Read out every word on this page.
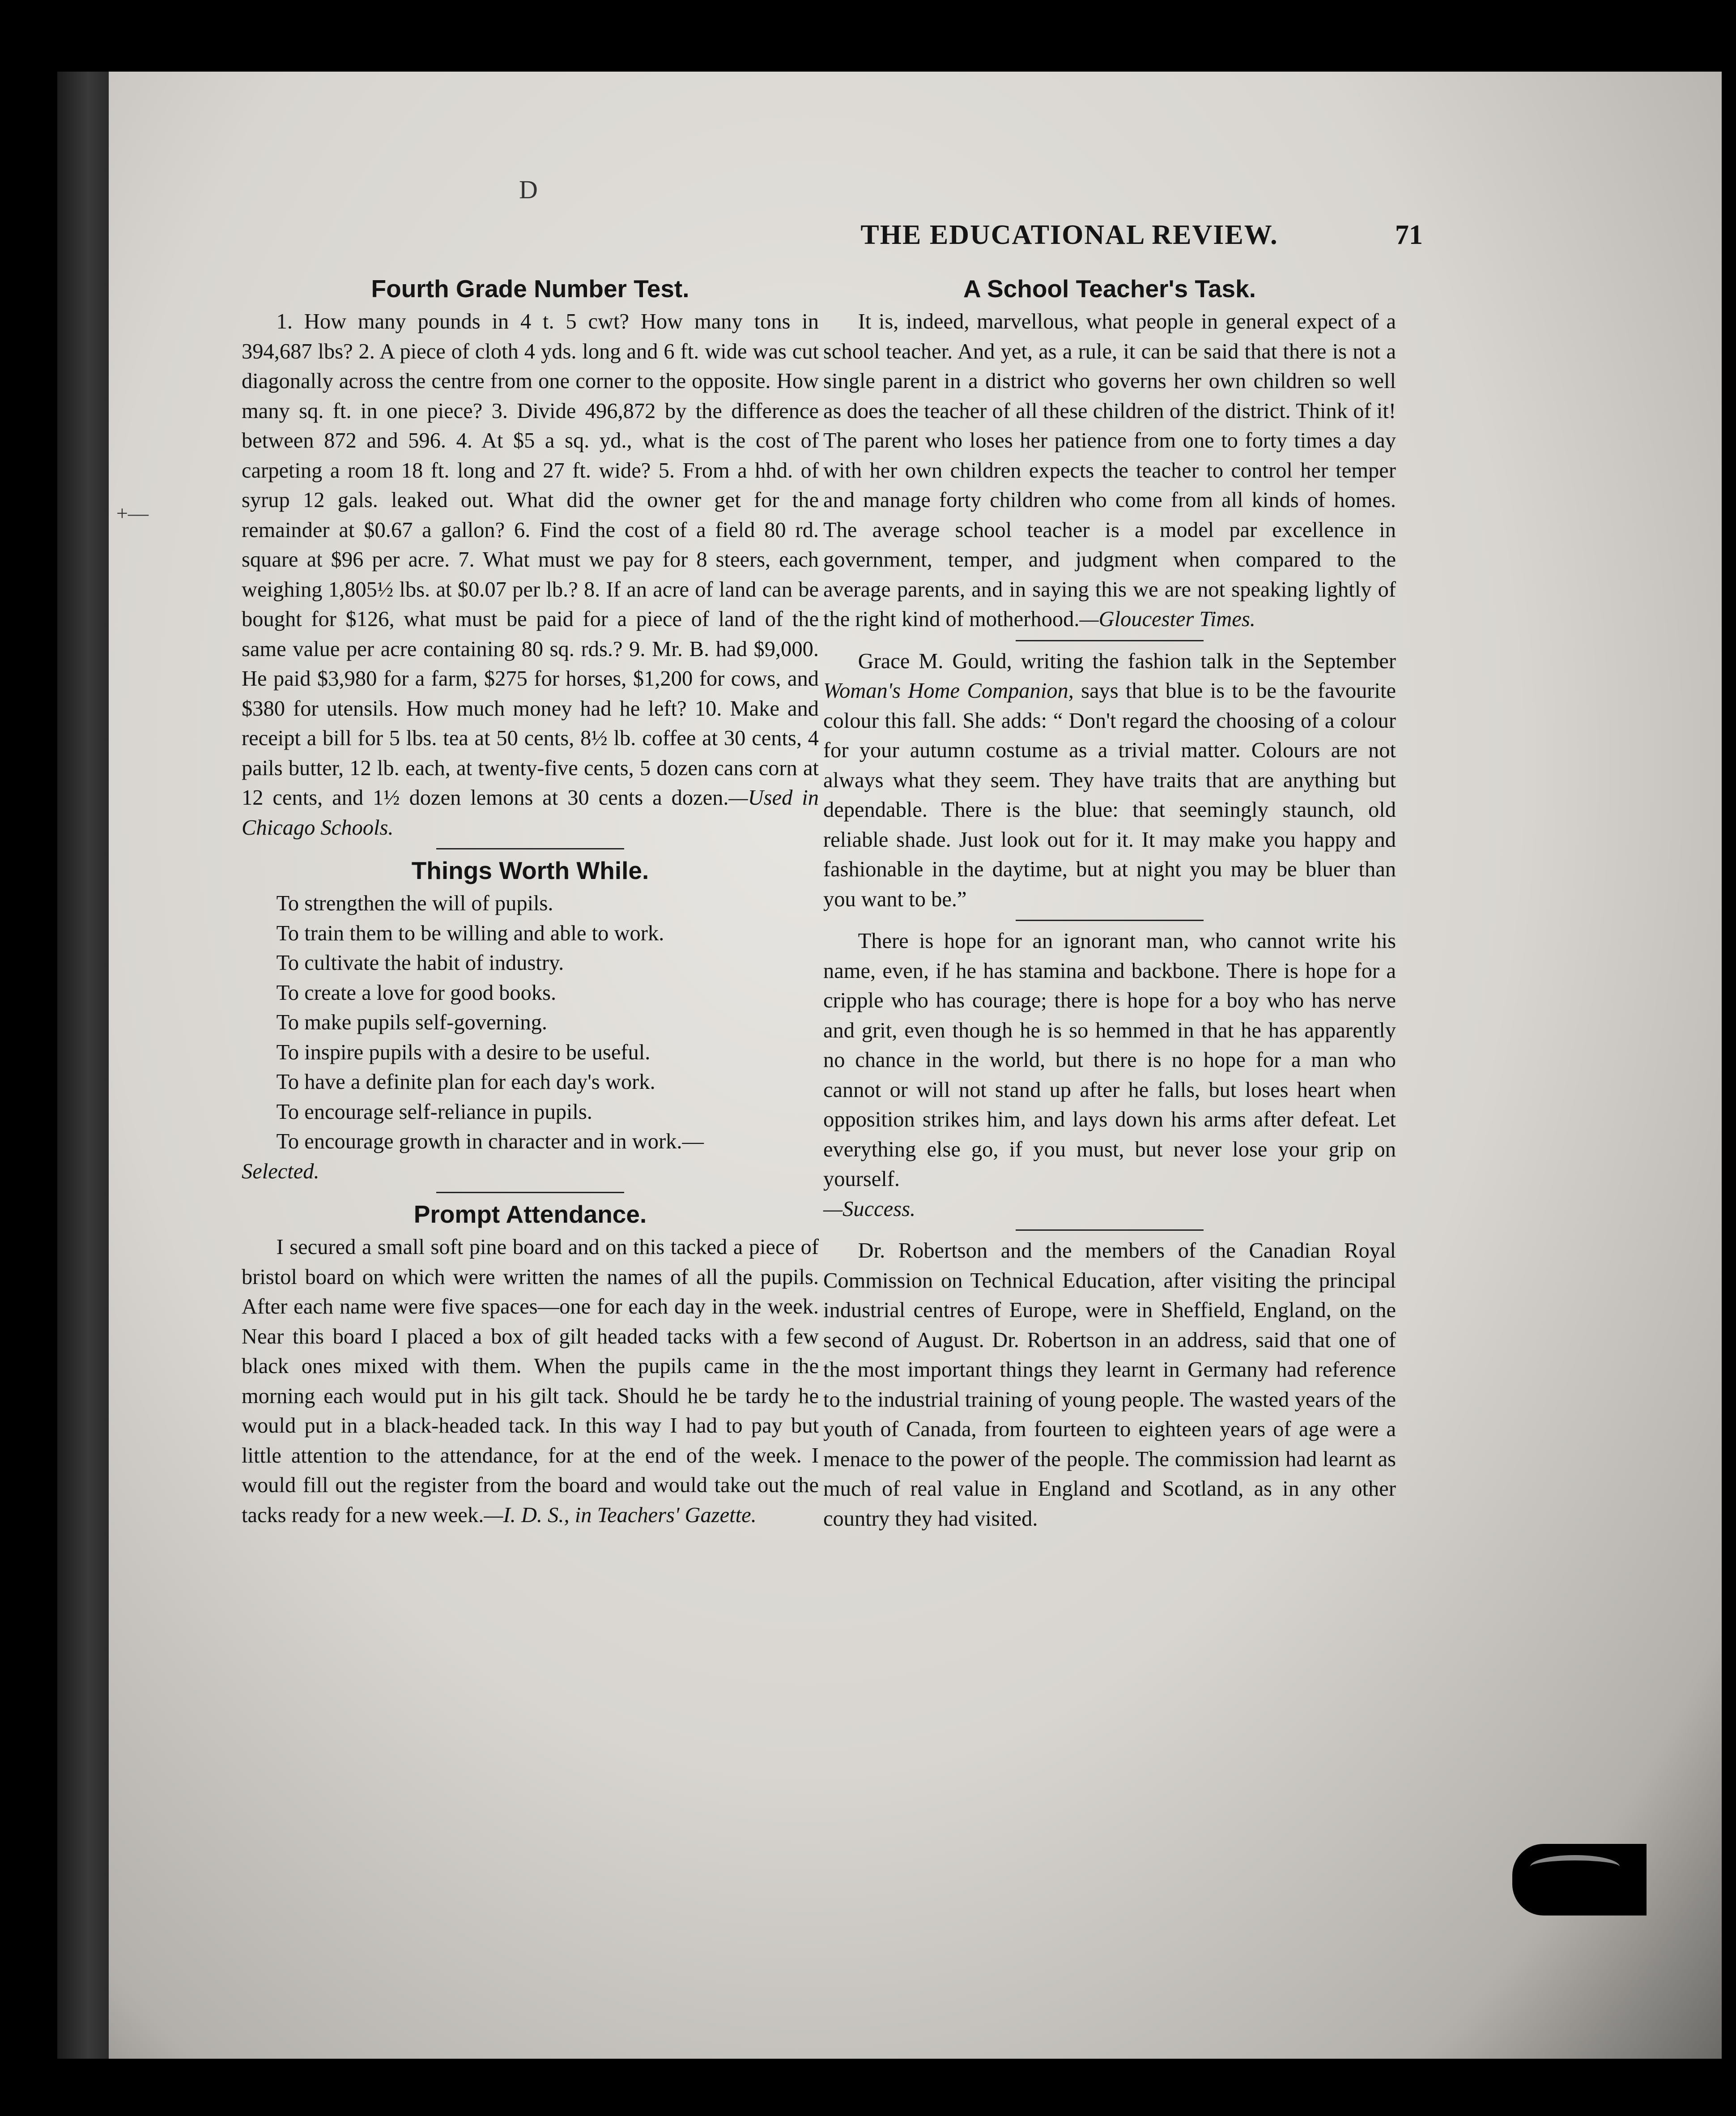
D
+—
THE EDUCATIONAL REVIEW.	71
Fourth Grade Number Test.

1. How many pounds in 4 t. 5 cwt? How many tons in 394,687 lbs? 2. A piece of cloth 4 yds. long and 6 ft. wide was cut diagonally across the centre from one corner to the opposite. How many sq. ft. in one piece? 3. Divide 496,872 by the difference between 872 and 596. 4. At $5 a sq. yd., what is the cost of carpeting a room 18 ft. long and 27 ft. wide? 5. From a hhd. of syrup 12 gals. leaked out. What did the owner get for the remainder at $0.67 a gallon? 6. Find the cost of a field 80 rd. square at $96 per acre. 7. What must we pay for 8 steers, each weighing 1,805½ lbs. at $0.07 per lb.? 8. If an acre of land can be bought for $126, what must be paid for a piece of land of the same value per acre containing 80 sq. rds.? 9. Mr. B. had $9,000. He paid $3,980 for a farm, $275 for horses, $1,200 for cows, and $380 for utensils. How much money had he left? 10. Make and receipt a bill for 5 lbs. tea at 50 cents, 8½ lb. coffee at 30 cents, 4 pails butter, 12 lb. each, at twenty-five cents, 5 dozen cans corn at 12 cents, and 1½ dozen lemons at 30 cents a dozen.—Used in Chicago Schools.

Things Worth While.
To strengthen the will of pupils.
To train them to be willing and able to work.
To cultivate the habit of industry.
To create a love for good books.
To make pupils self-governing.
To inspire pupils with a desire to be useful.
To have a definite plan for each day's work.
To encourage self-reliance in pupils.
To encourage growth in character and in work.—
Selected.
Prompt Attendance.

I secured a small soft pine board and on this tacked a piece of bristol board on which were written the names of all the pupils. After each name were five spaces—one for each day in the week. Near this board I placed a box of gilt headed tacks with a few black ones mixed with them. When the pupils came in the morning each would put in his gilt tack. Should he be tardy he would put in a black-headed tack. In this way I had to pay but little attention to the attendance, for at the end of the week. I would fill out the register from the board and would take out the tacks ready for a new week.—I. D. S., in Teachers' Gazette.

A School Teacher's Task.

It is, indeed, marvellous, what people in general expect of a school teacher. And yet, as a rule, it can be said that there is not a single parent in a district who governs her own children so well as does the teacher of all these children of the district. Think of it! The parent who loses her patience from one to forty times a day with her own children expects the teacher to control her temper and manage forty children who come from all kinds of homes. The average school teacher is a model par excellence in government, temper, and judgment when compared to the average parents, and in saying this we are not speaking lightly of the right kind of motherhood.—Gloucester Times.

Grace M. Gould, writing the fashion talk in the September Woman's Home Companion, says that blue is to be the favourite colour this fall. She adds: “ Don't regard the choosing of a colour for your autumn costume as a trivial matter. Colours are not always what they seem. They have traits that are anything but dependable. There is the blue: that seemingly staunch, old reliable shade. Just look out for it. It may make you happy and fashionable in the daytime, but at night you may be bluer than you want to be.”

There is hope for an ignorant man, who cannot write his name, even, if he has stamina and backbone. There is hope for a cripple who has courage; there is hope for a boy who has nerve and grit, even though he is so hemmed in that he has apparently no chance in the world, but there is no hope for a man who cannot or will not stand up after he falls, but loses heart when opposition strikes him, and lays down his arms after defeat. Let everything else go, if you must, but never lose your grip on yourself.
—Success.

Dr. Robertson and the members of the Canadian Royal Commission on Technical Education, after visiting the principal industrial centres of Europe, were in Sheffield, England, on the second of August. Dr. Robertson in an address, said that one of the most important things they learnt in Germany had reference to the industrial training of young people. The wasted years of the youth of Canada, from fourteen to eighteen years of age were a menace to the power of the people. The commission had learnt as much of real value in England and Scotland, as in any other country they had visited.
